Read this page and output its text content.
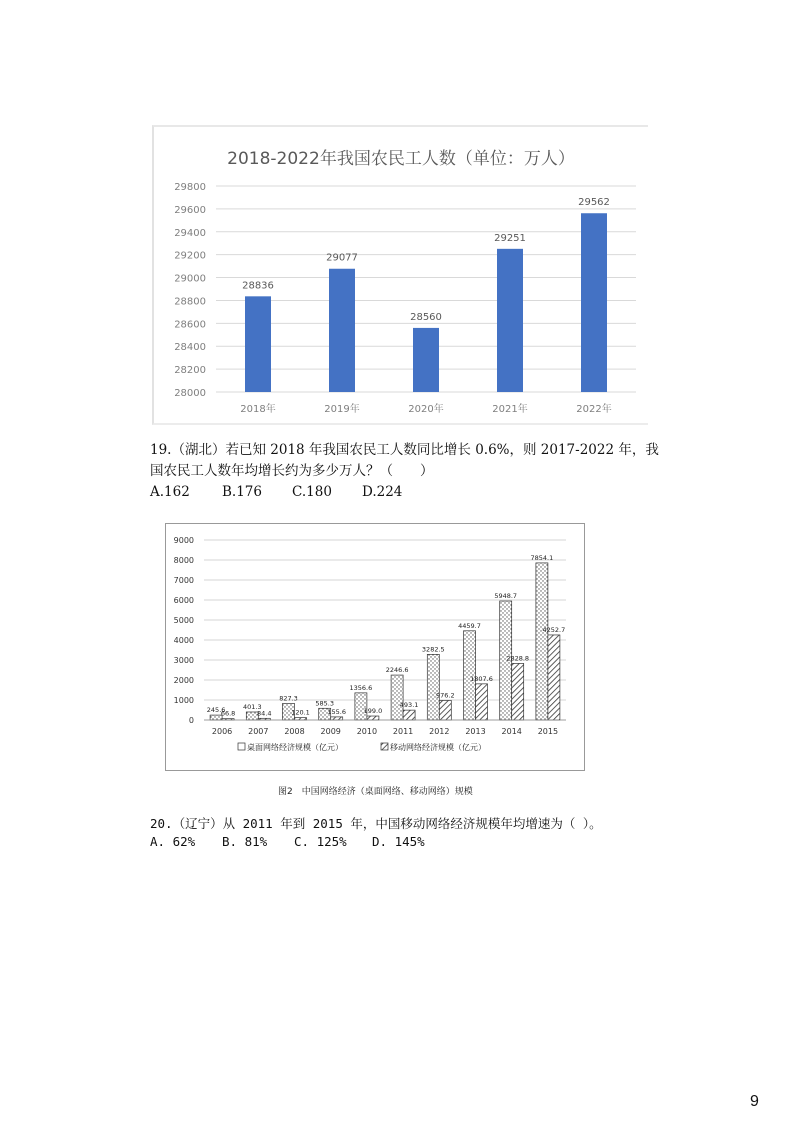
2018-2022年我国农民工人数（单位：万人）
28000
28200
28400
28600
28800
29000
29200
29400
29600
29800
28836
2018年
29077
2019年
28560
2020年
29251
2021年
29562
2022年
19.（湖北）若已知 2018 年我国农民工人数同比增长 0.6%，则 2017-2022 年，我
国农民工人数年均增长约为多少万人？（　　）
A.162 B.176 C.180 D.224
0
1000
2000
3000
4000
5000
6000
7000
8000
9000
245.6
66.8
2006
401.3
84.4
2007
827.3
120.1
2008
585.3
155.6
2009
1356.6
199.0
2010
2246.6
493.1
2011
3282.5
976.2
2012
4459.7
1807.6
2013
5948.7
2828.8
2014
7854.1
4252.7
2015
桌面网络经济规模（亿元）	移动网络经济规模（亿元）
图2　中国网络经济（桌面网络、移动网络）规模
20.（辽宁）从 2011 年到 2015 年，中国移动网络经济规模年均增速为（ ）。
A. 62% B. 81% C. 125% D. 145%
9
